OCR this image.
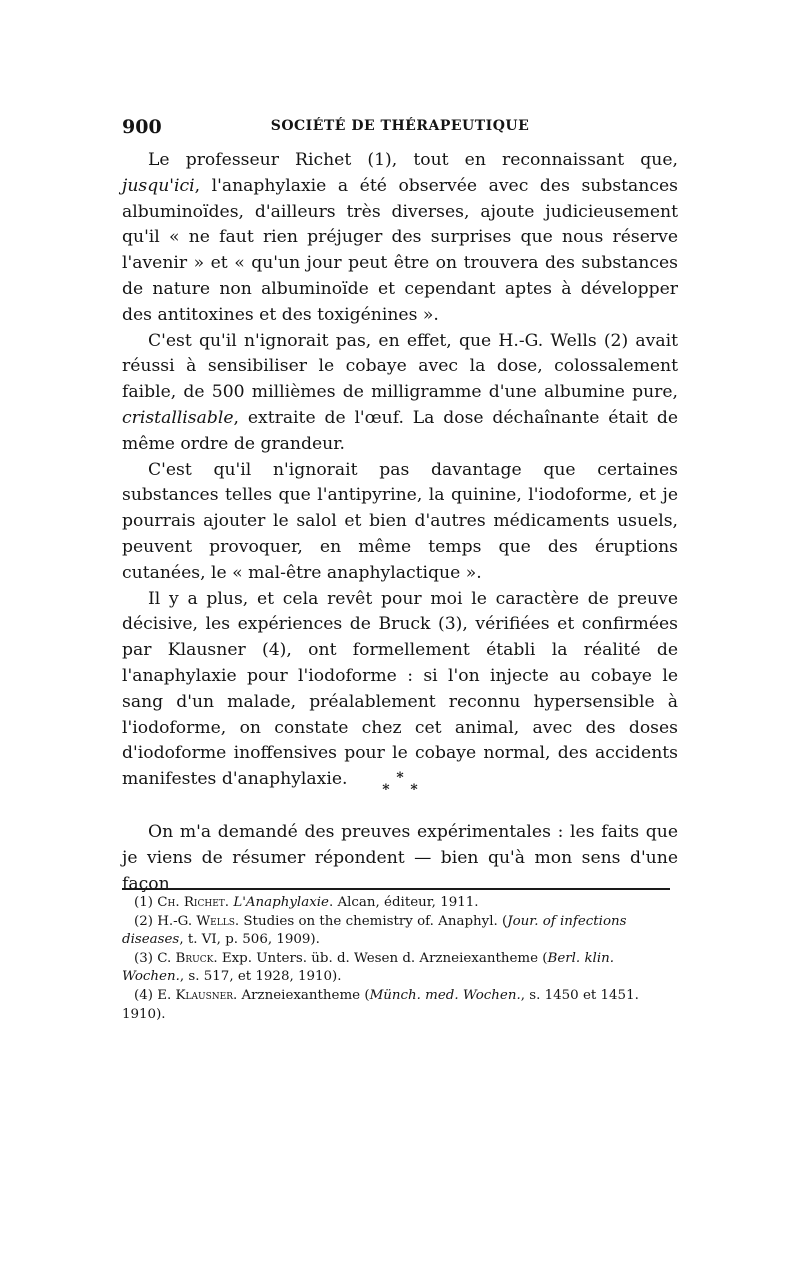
900	SOCIÉTÉ DE THÉRAPEUTIQUE

Le professeur Richet (1), tout en reconnaissant que, jusqu'ici, l'anaphylaxie a été observée avec des substances albuminoïdes, d'ailleurs très diverses, ajoute judicieusement qu'il « ne faut rien préjuger des surprises que nous réserve l'avenir » et « qu'un jour peut être on trouvera des substances de nature non albuminoïde et cependant aptes à développer des antitoxines et des toxigénines ».

C'est qu'il n'ignorait pas, en effet, que H.-G. Wells (2) avait réussi à sensibiliser le cobaye avec la dose, colossalement faible, de 500 millièmes de milligramme d'une albumine pure, cristallisable, extraite de l'œuf. La dose déchaînante était de même ordre de grandeur.

C'est qu'il n'ignorait pas davantage que certaines substances telles que l'antipyrine, la quinine, l'iodoforme, et je pourrais ajouter le salol et bien d'autres médicaments usuels, peuvent provoquer, en même temps que des éruptions cutanées, le « mal-être anaphylactique ».

Il y a plus, et cela revêt pour moi le caractère de preuve décisive, les expériences de Bruck (3), vérifiées et confirmées par Klausner (4), ont formellement établi la réalité de l'anaphylaxie pour l'iodoforme : si l'on injecte au cobaye le sang d'un malade, préalablement reconnu hypersensible à l'iodoforme, on constate chez cet animal, avec des doses d'iodoforme inoffensives pour le cobaye normal, des accidents manifestes d'anaphylaxie.	*
* *

On m'a demandé des preuves expérimentales : les faits que je viens de résumer répondent — bien qu'à mon sens d'une façon

(1) Ch. Richet. L'Anaphylaxie. Alcan, éditeur, 1911.

(2) H.-G. Wells. Studies on the chemistry of. Anaphyl. (Jour. of infections diseases, t. VI, p. 506, 1909).

(3) C. Bruck. Exp. Unters. üb. d. Wesen d. Arzneiexantheme (Berl. klin. Wochen., s. 517, et 1928, 1910).

(4) E. Klausner. Arzneiexantheme (Münch. med. Wochen., s. 1450 et 1451. 1910).
